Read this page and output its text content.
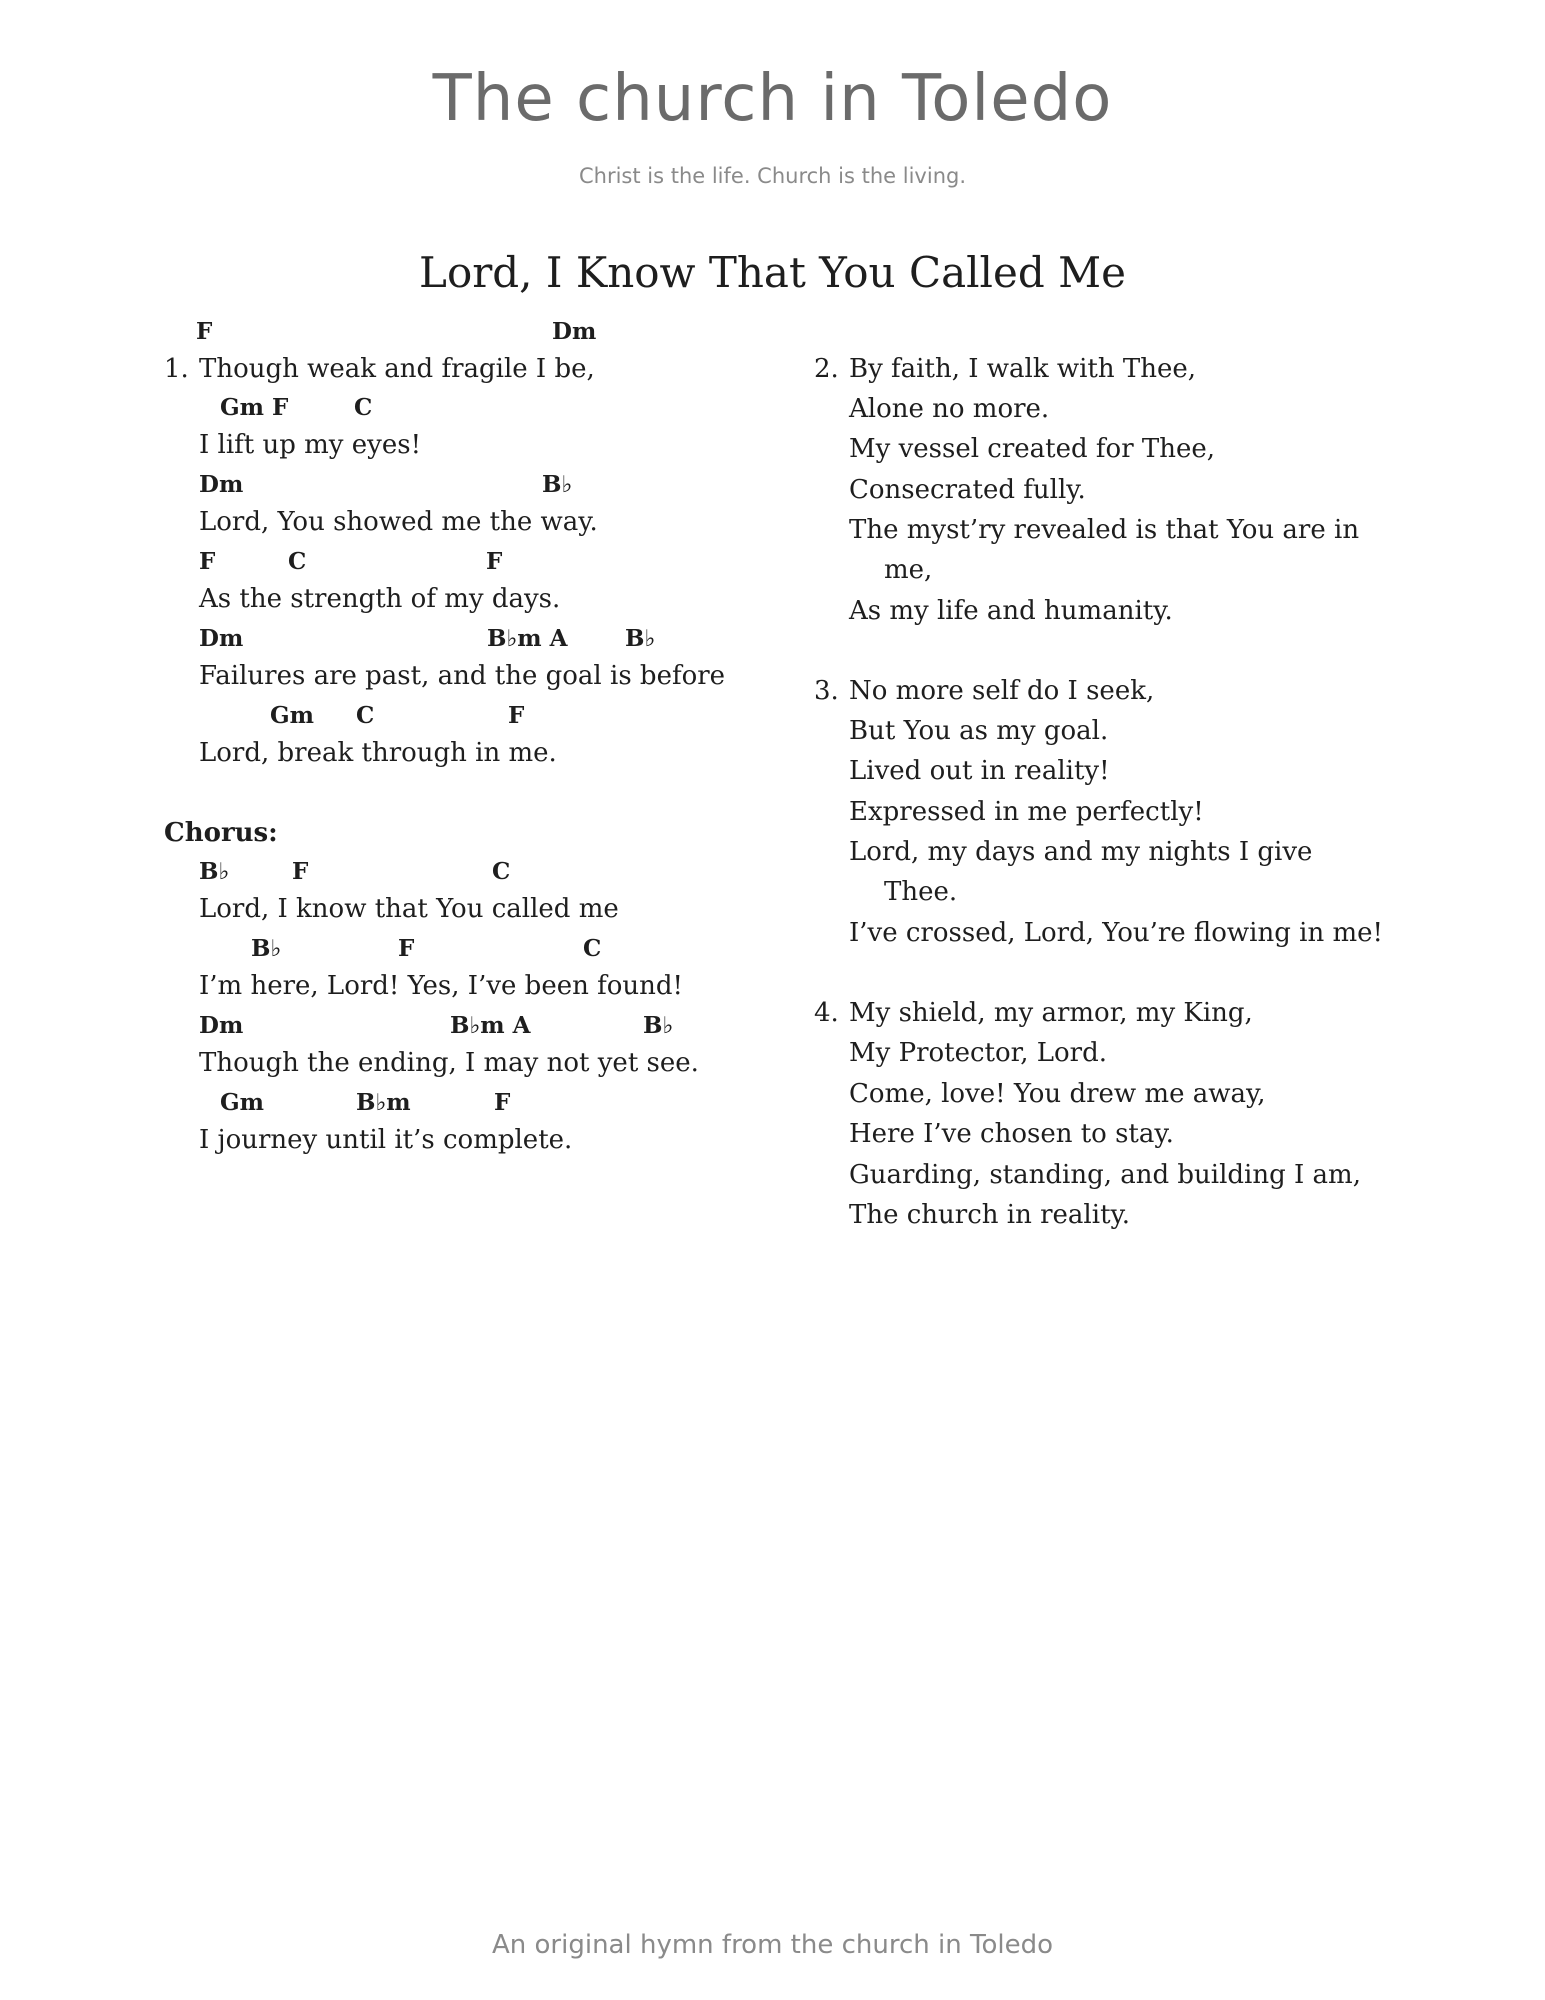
The church in Toledo
Christ is the life. Church is the living.
Lord, I Know That You Called Me
F	Dm
1. Though weak and fragile I be,
Gm F	C
I lift up my eyes!
Dm	B♭
Lord, You showed me the way.
F	C	F
As the strength of my days.
Dm	B♭m A	B♭
Failures are past, and the goal is before
Gm C	F
Lord, break through in me.
Chorus:
B♭	F	C
Lord, I know that You called me
B♭	F	C
I’m here, Lord! Yes, I’ve been found!
Dm	B♭m A	B♭
Though the ending, I may not yet see.
Gm	B♭m	F
I journey until it’s complete.
2. By faith, I walk with Thee,
Alone no more.
My vessel created for Thee,
Consecrated fully.
The myst’ry revealed is that You are in
me,
As my life and humanity.
3. No more self do I seek,
But You as my goal.
Lived out in reality!
Expressed in me perfectly!
Lord, my days and my nights I give
Thee.
I’ve crossed, Lord, You’re flowing in me!
4. My shield, my armor, my King,
My Protector, Lord.
Come, love! You drew me away,
Here I’ve chosen to stay.
Guarding, standing, and building I am,
The church in reality.
An original hymn from the church in Toledo
